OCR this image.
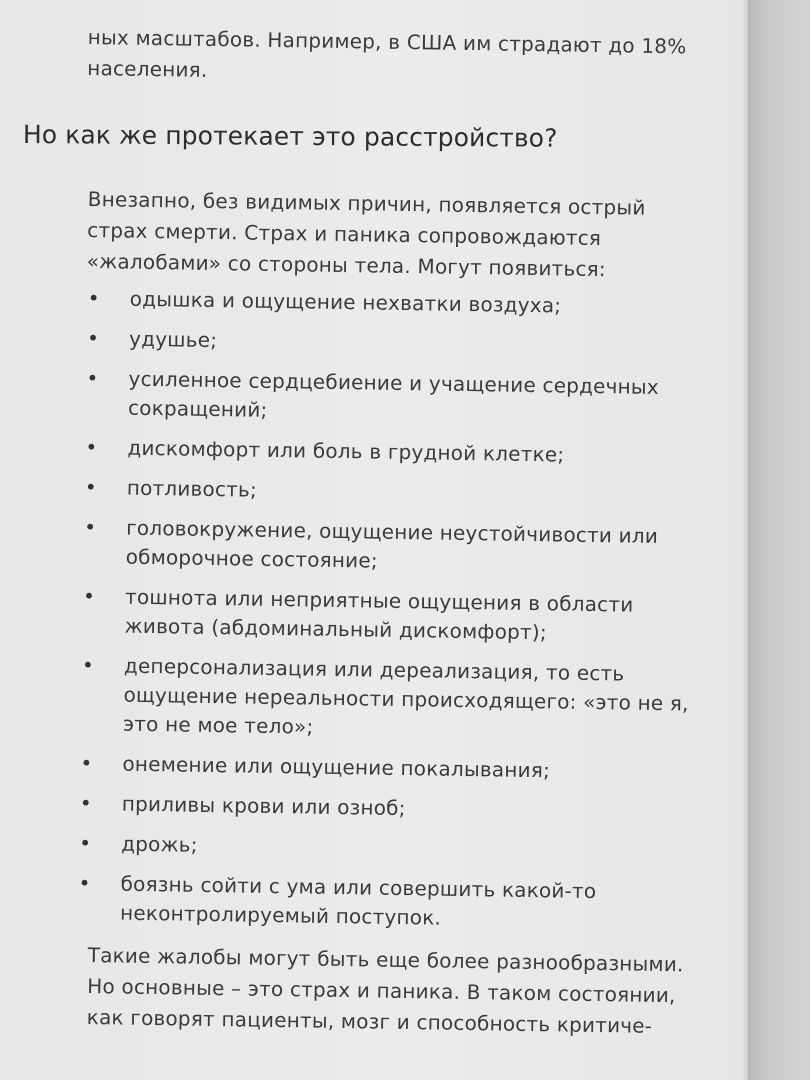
ных масштабов. Например, в США им страдают до 18% населения.

Но как же протекает это расстройство?

Внезапно, без видимых причин, появляется острый страх смерти. Страх и паника сопровождаются «жалобами» со стороны тела. Могут появиться:

• одышка и ощущение нехватки воздуха;
• удушье;
• усиленное сердцебиение и учащение сердечных сокращений;
• дискомфорт или боль в грудной клетке;
• потливость;
• головокружение, ощущение неустойчивости или обморочное состояние;
• тошнота или неприятные ощущения в области живота (абдоминальный дискомфорт);
• деперсонализация или дереализация, то есть ощущение нереальности происходящего: «это не я, это не мое тело»;
• онемение или ощущение покалывания;
• приливы крови или озноб;
• дрожь;
• боязнь сойти с ума или совершить какой-то неконтролируемый поступок.

Такие жалобы могут быть еще более разнообразными. Но основные – это страх и паника. В таком состоянии, как говорят пациенты, мозг и способность критиче-
